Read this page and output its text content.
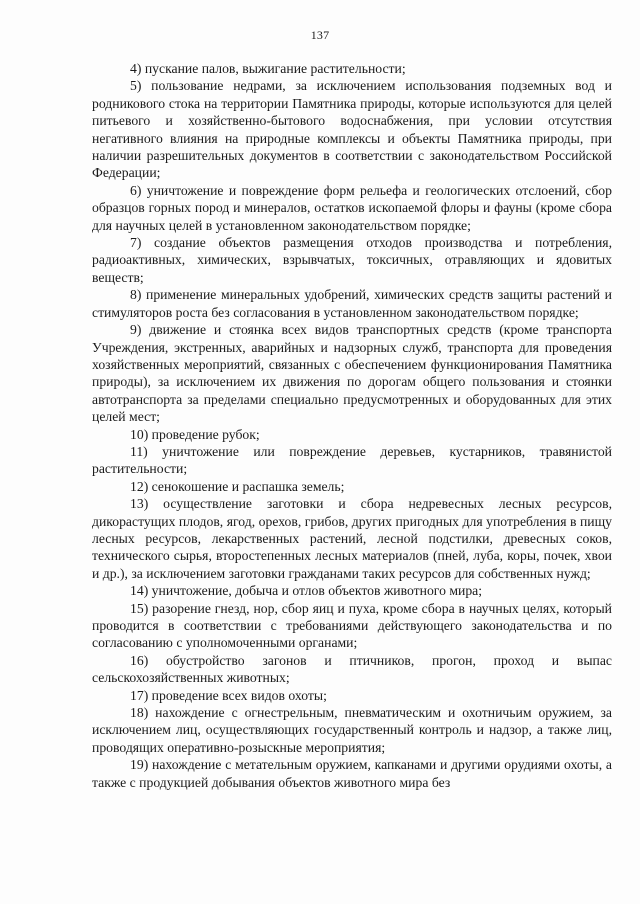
137

4) пускание палов, выжигание растительности;

5) пользование недрами, за исключением использования подземных вод и родникового стока на территории Памятника природы, которые используются для целей питьевого и хозяйственно-бытового водоснабжения, при условии отсутствия негативного влияния на природные комплексы и объекты Памятника природы, при наличии разрешительных документов в соответствии с законодательством Российской Федерации;

6) уничтожение и повреждение форм рельефа и геологических отслоений, сбор образцов горных пород и минералов, остатков ископаемой флоры и фауны (кроме сбора для научных целей в установленном законодательством порядке;

7) создание объектов размещения отходов производства и потребления, радиоактивных, химических, взрывчатых, токсичных, отравляющих и ядовитых веществ;

8) применение минеральных удобрений, химических средств защиты растений и стимуляторов роста без согласования в установленном законодательством порядке;

9) движение и стоянка всех видов транспортных средств (кроме транспорта Учреждения, экстренных, аварийных и надзорных служб, транспорта для проведения хозяйственных мероприятий, связанных с обеспечением функционирования Памятника природы), за исключением их движения по дорогам общего пользования и стоянки автотранспорта за пределами специально предусмотренных и оборудованных для этих целей мест;

10) проведение рубок;

11) уничтожение или повреждение деревьев, кустарников, травянистой растительности;

12) сенокошение и распашка земель;

13) осуществление заготовки и сбора недревесных лесных ресурсов, дикорастущих плодов, ягод, орехов, грибов, других пригодных для употребления в пищу лесных ресурсов, лекарственных растений, лесной подстилки, древесных соков, технического сырья, второстепенных лесных материалов (пней, луба, коры, почек, хвои и др.), за исключением заготовки гражданами таких ресурсов для собственных нужд;

14) уничтожение, добыча и отлов объектов животного мира;

15) разорение гнезд, нор, сбор яиц и пуха, кроме сбора в научных целях, который проводится в соответствии с требованиями действующего законодательства и по согласованию с уполномоченными органами;

16) обустройство загонов и птичников, прогон, проход и выпас сельскохозяйственных животных;

17) проведение всех видов охоты;

18) нахождение с огнестрельным, пневматическим и охотничьим оружием, за исключением лиц, осуществляющих государственный контроль и надзор, а также лиц, проводящих оперативно-розыскные мероприятия;

19) нахождение с метательным оружием, капканами и другими орудиями охоты, а также с продукцией добывания объектов животного мира без
